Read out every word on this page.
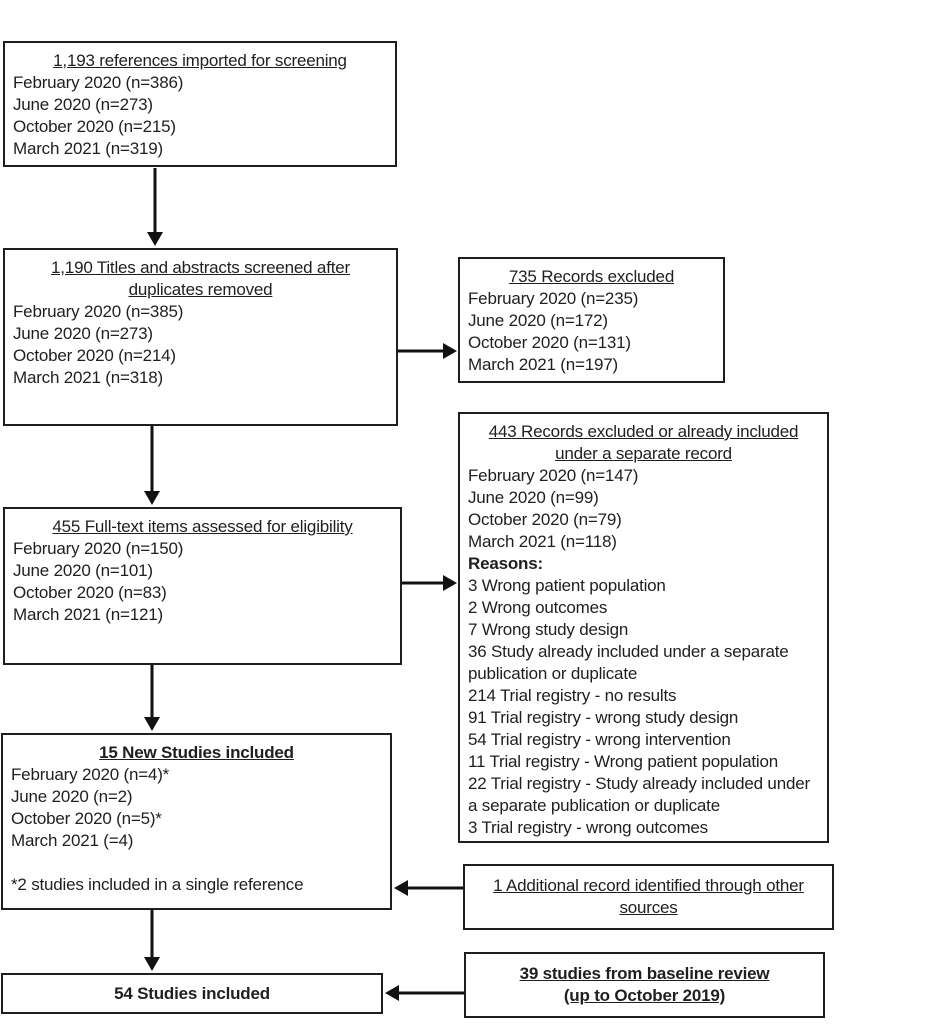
1,193 references imported for screening
February 2020 (n=386)
June 2020 (n=273)
October 2020 (n=215)
March 2021 (n=319)
1,190 Titles and abstracts screened after duplicates removed
February 2020 (n=385)
June 2020 (n=273)
October 2020 (n=214)
March 2021 (n=318)
735 Records excluded
February 2020 (n=235)
June 2020 (n=172)
October 2020 (n=131)
March 2021 (n=197)
443 Records excluded or already included under a separate record
February 2020 (n=147)
June 2020 (n=99)
October 2020 (n=79)
March 2021 (n=118)
Reasons:
3 Wrong patient population
2 Wrong outcomes
7 Wrong study design
36 Study already included under a separate publication or duplicate
214 Trial registry - no results
91 Trial registry - wrong study design
54 Trial registry - wrong intervention
11 Trial registry - Wrong patient population
22 Trial registry - Study already included under a separate publication or duplicate
3 Trial registry - wrong outcomes
455 Full-text items assessed for eligibility
February 2020 (n=150)
June 2020 (n=101)
October 2020 (n=83)
March 2021 (n=121)
15 New Studies included
February 2020 (n=4)*
June 2020 (n=2)
October 2020 (n=5)*
March 2021 (=4)
*2 studies included in a single reference	1 Additional record identified through other sources
54 Studies included
39 studies from baseline review
(up to October 2019)
